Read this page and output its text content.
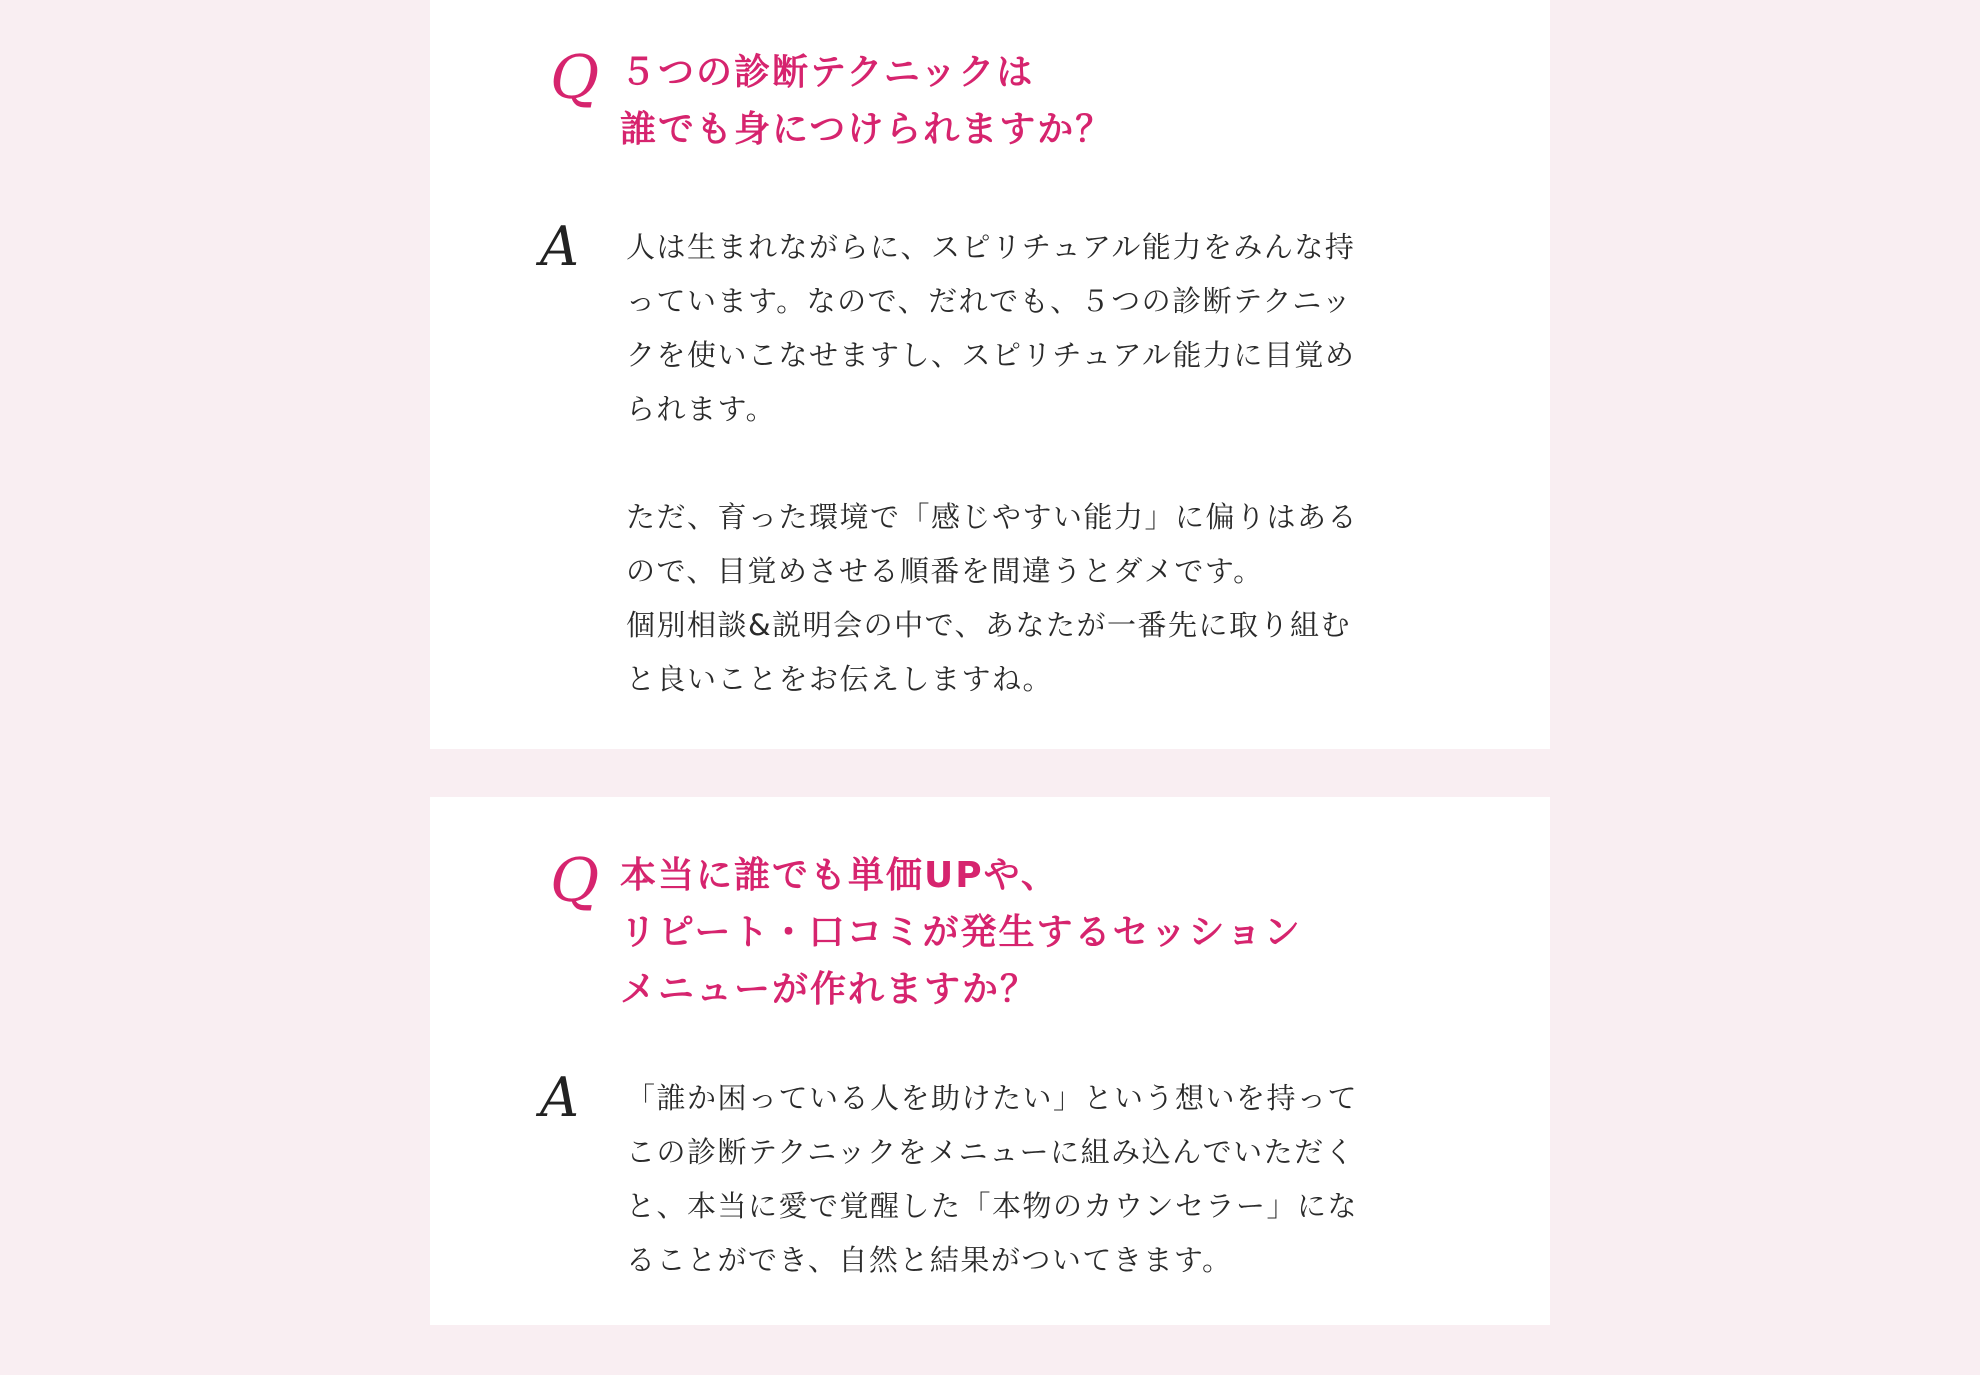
Q ５つの診断テクニックは
誰でも身につけられますか？
A 人は生まれながらに、スピリチュアル能力をみんな持
っています。なので、だれでも、５つの診断テクニッ
クを使いこなせますし、スピリチュアル能力に目覚め
られます。
ただ、育った環境で「感じやすい能力」に偏りはある
ので、目覚めさせる順番を間違うとダメです。
個別相談&説明会の中で、あなたが一番先に取り組む
と良いことをお伝えしますね。

Q 本当に誰でも単価UPや、
リピート・口コミが発生するセッション
メニューが作れますか？
A 「誰か困っている人を助けたい」という想いを持って
この診断テクニックをメニューに組み込んでいただく
と、本当に愛で覚醒した「本物のカウンセラー」にな
ることができ、自然と結果がついてきます。
